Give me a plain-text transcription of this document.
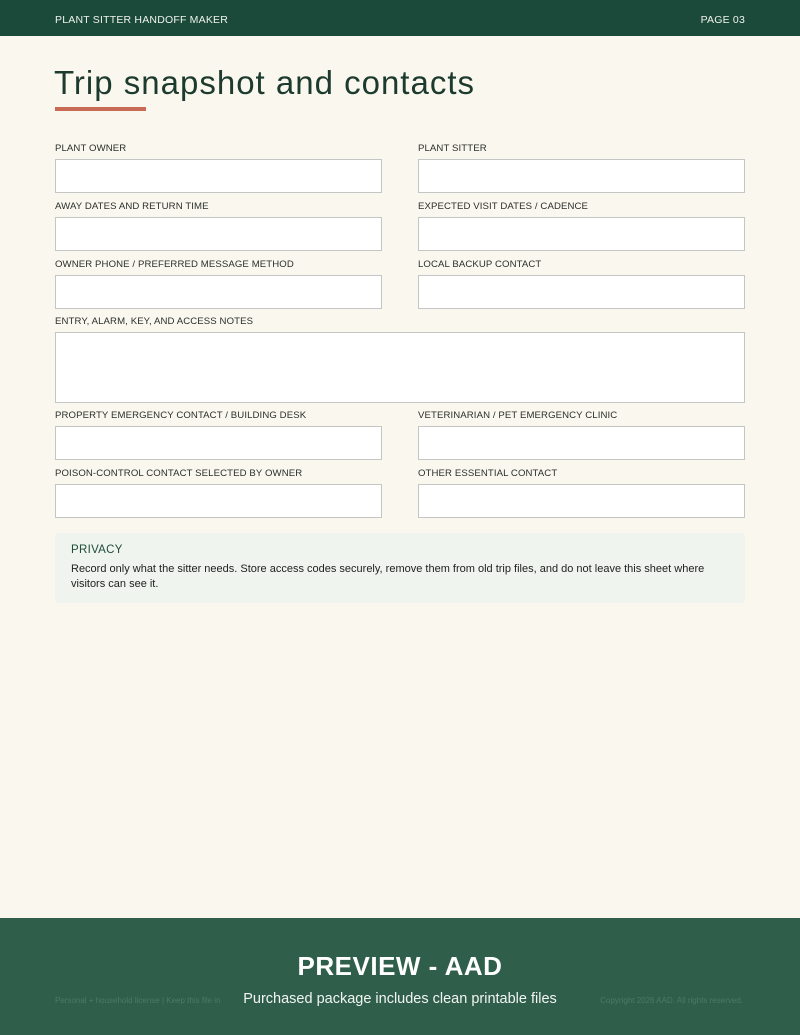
PLANT SITTER HANDOFF MAKER	PAGE 03
Trip snapshot and contacts
PLANT OWNER	PLANT SITTER
AWAY DATES AND RETURN TIME	EXPECTED VISIT DATES / CADENCE
OWNER PHONE / PREFERRED MESSAGE METHOD	LOCAL BACKUP CONTACT
ENTRY, ALARM, KEY, AND ACCESS NOTES
PROPERTY EMERGENCY CONTACT / BUILDING DESK	VETERINARIAN / PET EMERGENCY CLINIC
POISON-CONTROL CONTACT SELECTED BY OWNER	OTHER ESSENTIAL CONTACT
PRIVACY
Record only what the sitter needs. Store access codes securely, remove them from old trip files, and do not leave this sheet where visitors can see it.
Personal + household license | Keep this file in	Copyright 2026 AAD. All rights reserved.
PREVIEW - AAD
Purchased package includes clean printable files
